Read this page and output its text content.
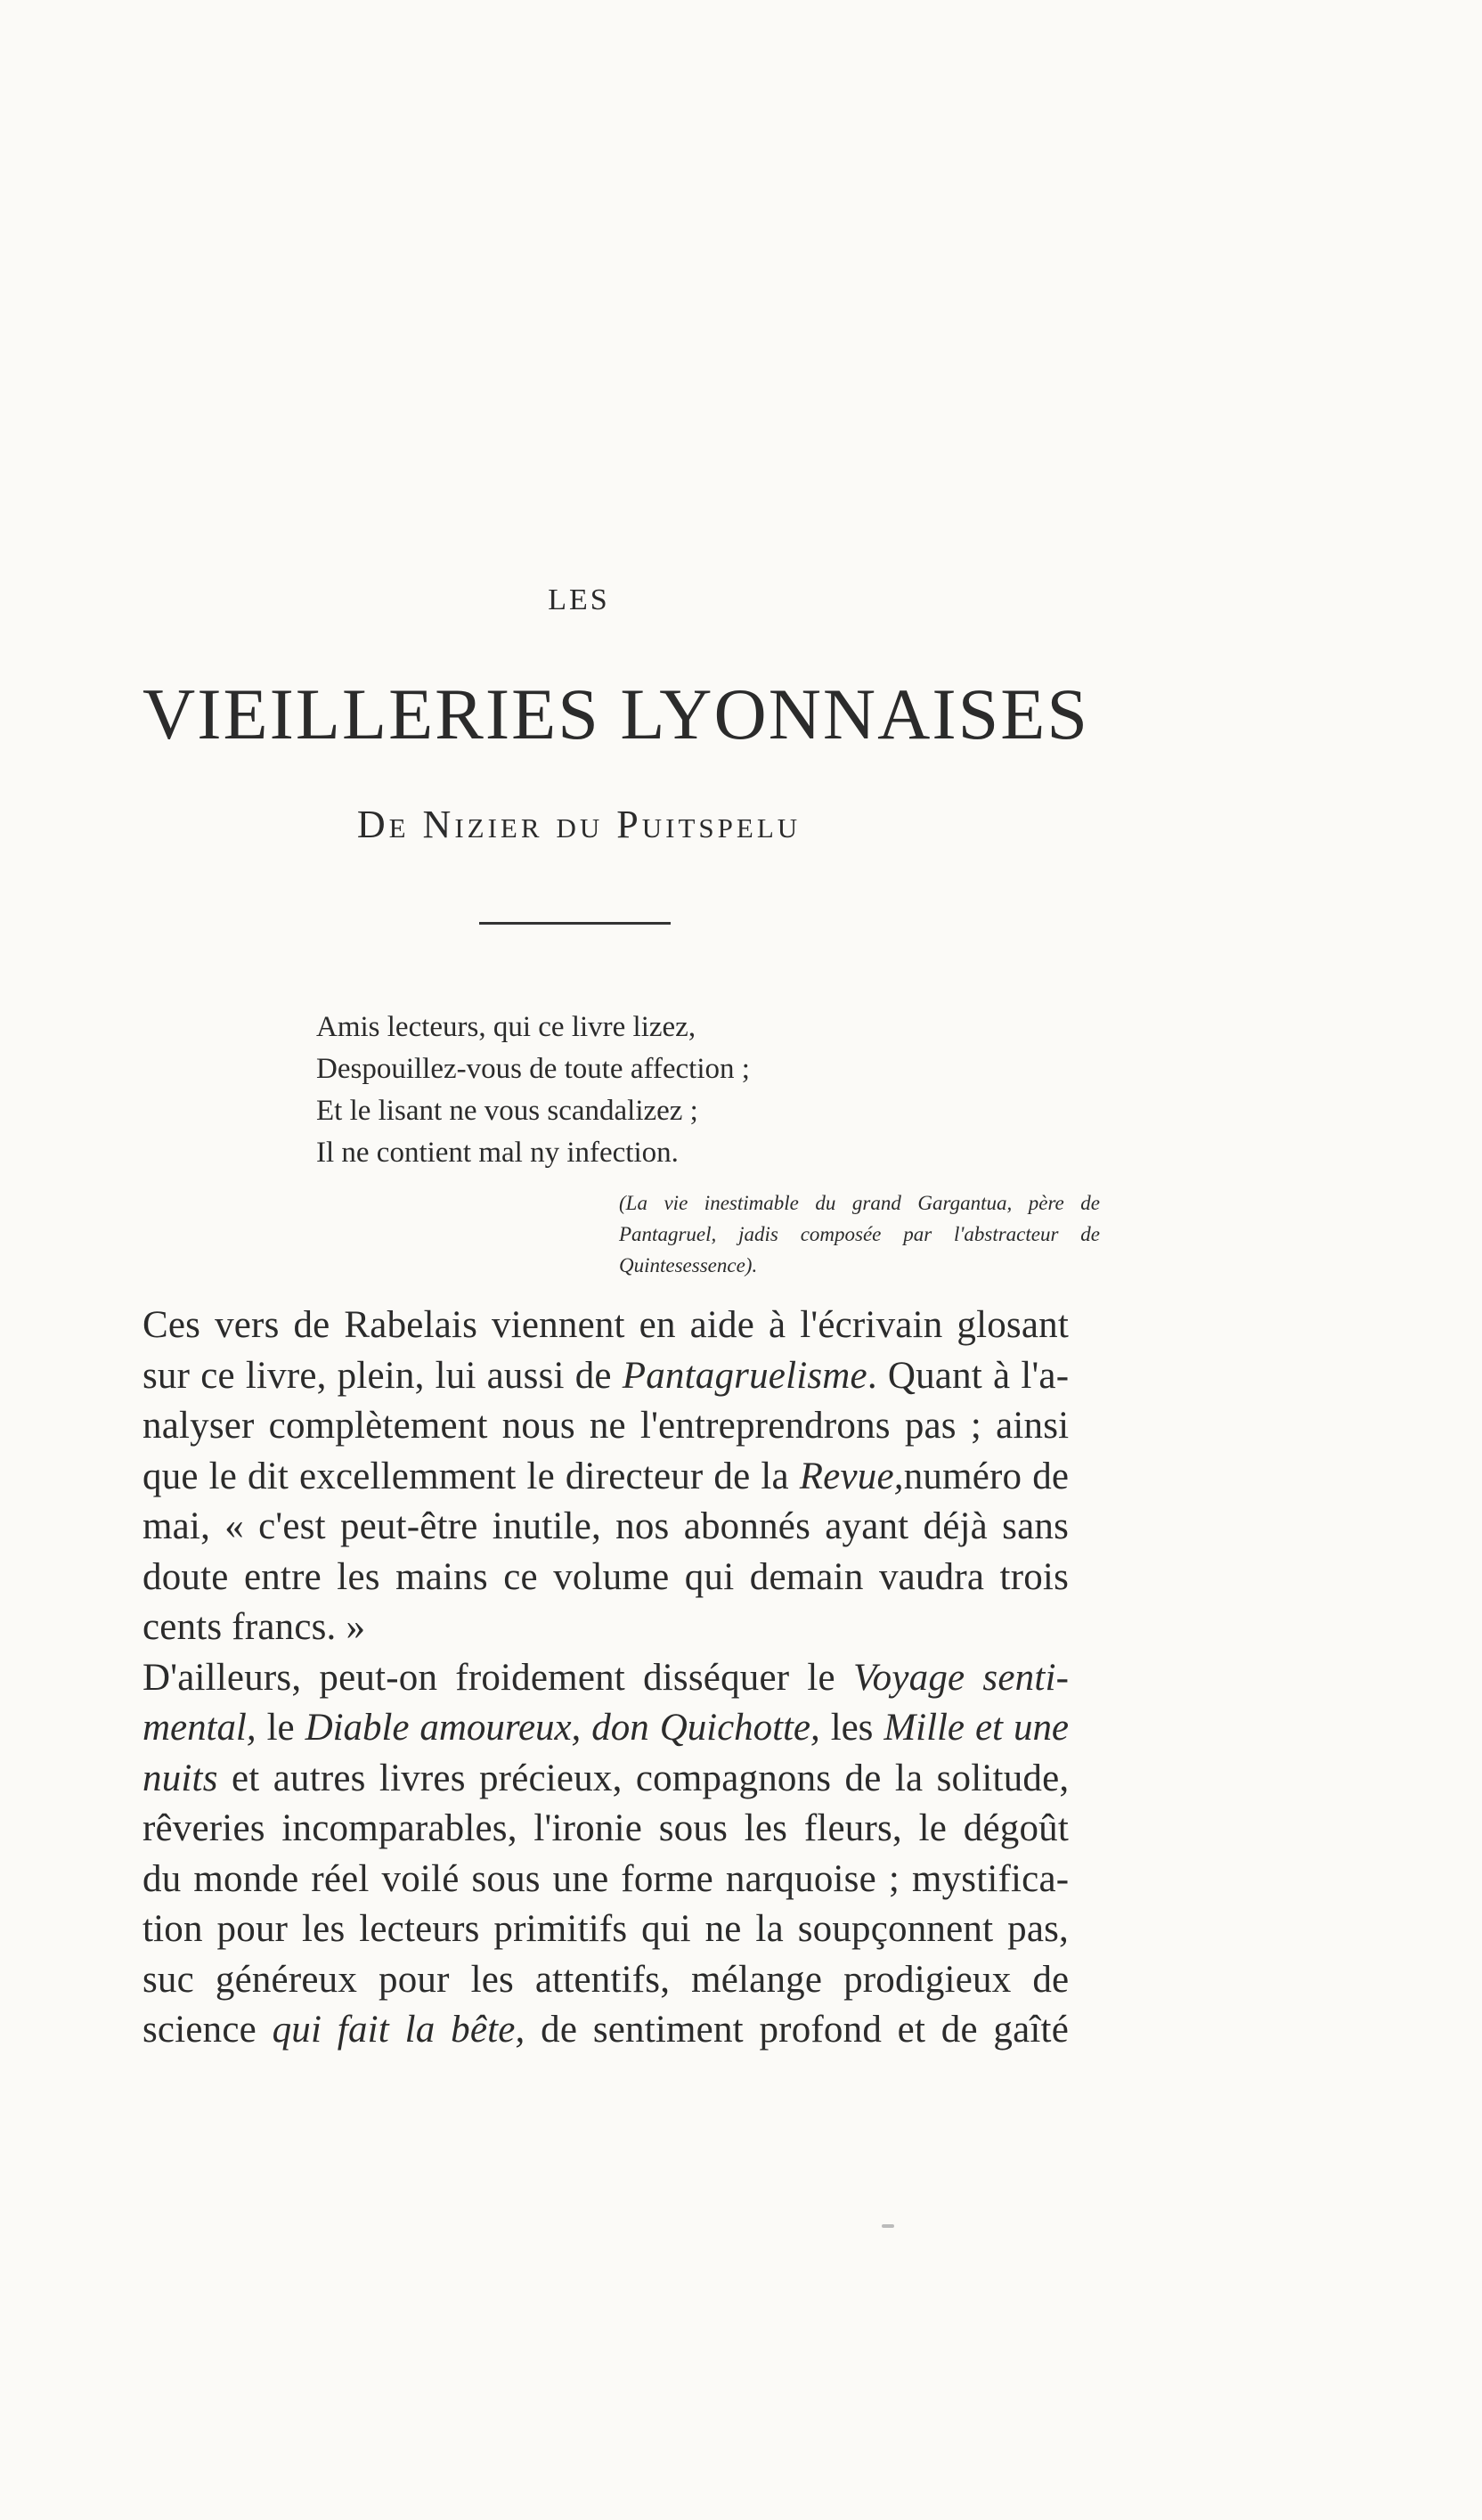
LES
VIEILLERIES LYONNAISES
De Nizier du Puitspelu
Amis lecteurs, qui ce livre lizez,
Despouillez-vous de toute affection ;
Et le lisant ne vous scandalizez ;
Il ne contient mal ny infection.
(La vie inestimable du grand Gargantua, père de Pantagruel, jadis composée par l'abstracteur de Quintesessence).
Ces vers de Rabelais viennent en aide à l'écrivain glosant
sur ce livre, plein, lui aussi de Pantagruelisme. Quant à l'a-
nalyser complètement nous ne l'entreprendrons pas ; ainsi
que le dit excellemment le directeur de la Revue,numéro de
mai, « c'est peut-être inutile, nos abonnés ayant déjà sans
doute entre les mains ce volume qui demain vaudra trois
cents francs. »
D'ailleurs, peut-on froidement disséquer le Voyage senti-
mental, le Diable amoureux, don Quichotte, les Mille et une
nuits et autres livres précieux, compagnons de la solitude,
rêveries incomparables, l'ironie sous les fleurs, le dégoût
du monde réel voilé sous une forme narquoise ; mystifica-
tion pour les lecteurs primitifs qui ne la soupçonnent pas,
suc généreux pour les attentifs, mélange prodigieux de
science qui fait la bête, de sentiment profond et de gaîté
